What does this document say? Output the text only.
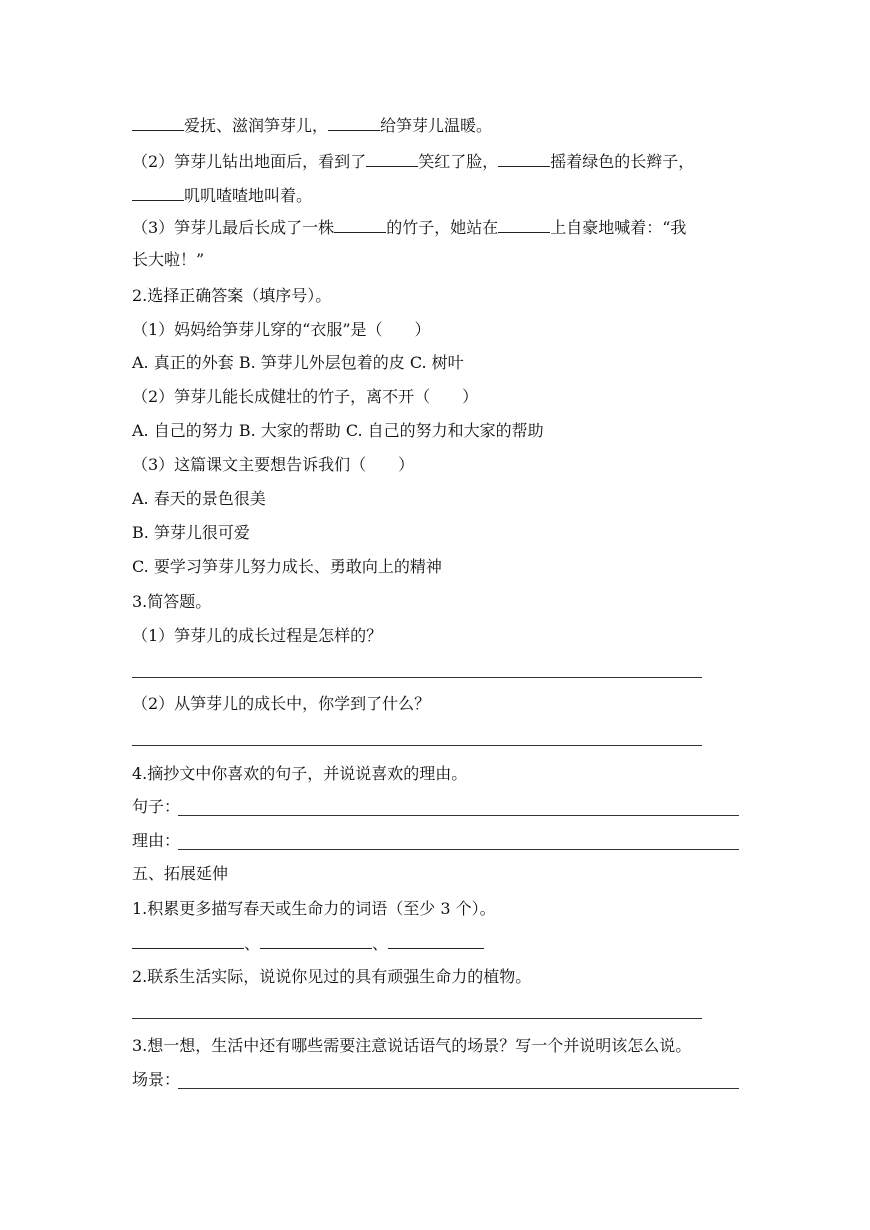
爱抚、滋润笋芽儿，	给笋芽儿温暖。
（2）笋芽儿钻出地面后，看到了	笑红了脸，	摇着绿色的长辫子，
叽叽喳喳地叫着。
（3）笋芽儿最后长成了一株	的竹子，她站在	上自豪地喊着：“我
长大啦！”
2.选择正确答案（填序号）。
（1）妈妈给笋芽儿穿的“衣服”是（　　）
A. 真正的外套 B. 笋芽儿外层包着的皮 C. 树叶
（2）笋芽儿能长成健壮的竹子，离不开（　　）
A. 自己的努力 B. 大家的帮助 C. 自己的努力和大家的帮助
（3）这篇课文主要想告诉我们（　　）
A. 春天的景色很美
B. 笋芽儿很可爱
C. 要学习笋芽儿努力成长、勇敢向上的精神
3.简答题。
（1）笋芽儿的成长过程是怎样的？
（2）从笋芽儿的成长中，你学到了什么？
4.摘抄文中你喜欢的句子，并说说喜欢的理由。
句子：
理由：
五、拓展延伸
1.积累更多描写春天或生命力的词语（至少 3 个）。
、	、
2.联系生活实际，说说你见过的具有顽强生命力的植物。
3.想一想，生活中还有哪些需要注意说话语气的场景？写一个并说明该怎么说。
场景：
